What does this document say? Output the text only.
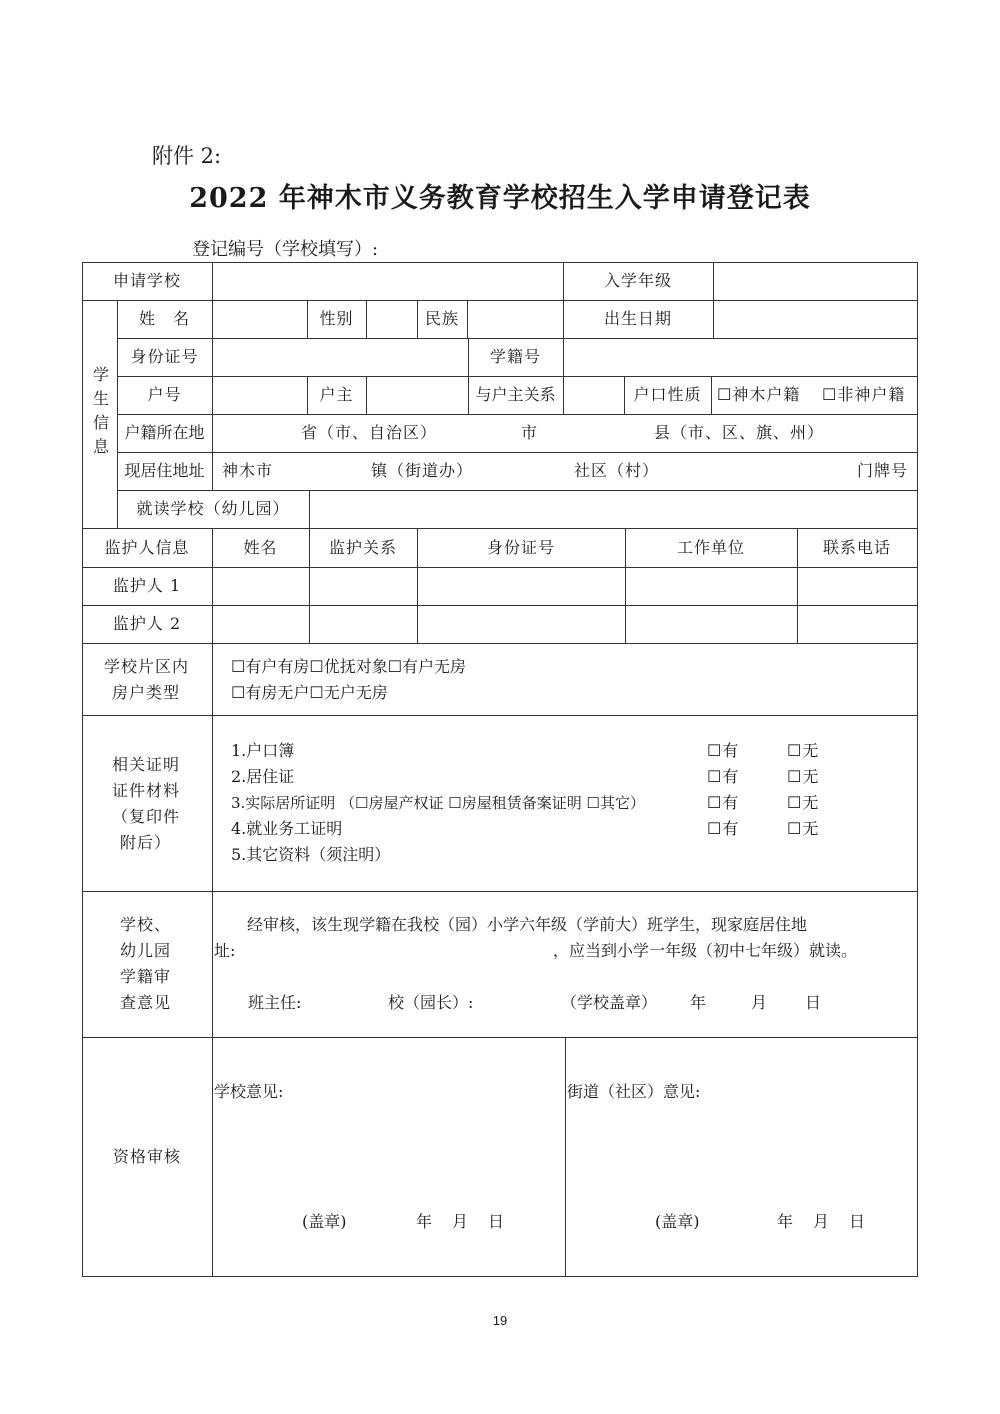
附件 2:
2022 年神木市义务教育学校招生入学申请登记表
登记编号（学校填写）:
申请学校	入学年级
学生信息
姓　名	性别	民族	出生日期
身份证号	学籍号
户号	户主	与户主关系	户口性质 ☐神木户籍 ☐非神户籍
户籍所在地	省（市、自治区）	市	县（市、区、旗、州）
现居住地址	神木市	镇（街道办）	社区（村）	门牌号
就读学校（幼儿园）
监护人信息	姓名	监护关系	身份证号	工作单位	联系电话
监护人 1
监护人 2
学校片区内
房户类型
☐有户有房☐优抚对象☐有户无房
☐有房无户☐无户无房
相关证明
证件材料
（复印件
附后）
1.户口簿	☐有	☐无
2.居住证	☐有	☐无
3.实际居所证明 （☐房屋产权证 ☐房屋租赁备案证明 ☐其它）	☐有	☐无
4.就业务工证明	☐有	☐无
5.其它资料（须注明）
学校、
幼儿园
学籍审
查意见
经审核，该生现学籍在我校（园）小学六年级（学前大）班学生，现家庭居住地
址:	，应当到小学一年级（初中七年级）就读。
班主任:	校（园长）:	（学校盖章） 年	月 日
资格审核
学校意见:
(盖章)	年 月 日
街道（社区）意见:
(盖章)	年 月 日
19
